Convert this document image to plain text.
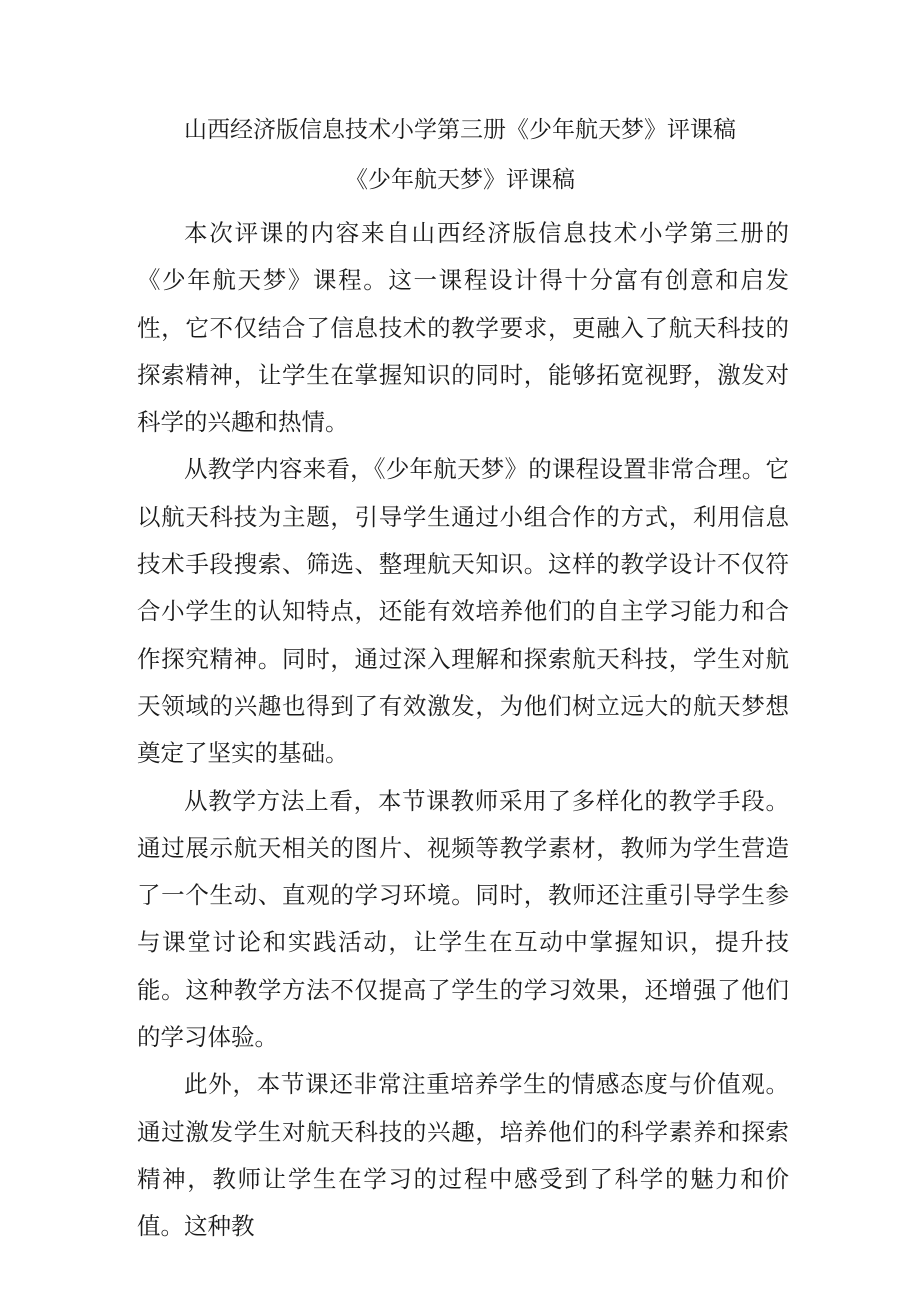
山西经济版信息技术小学第三册《少年航天梦》评课稿
《少年航天梦》评课稿

本次评课的内容来自山西经济版信息技术小学第三册的《少年航天梦》课程。这一课程设计得十分富有创意和启发性，它不仅结合了信息技术的教学要求，更融入了航天科技的探索精神，让学生在掌握知识的同时，能够拓宽视野，激发对科学的兴趣和热情。

从教学内容来看，《少年航天梦》的课程设置非常合理。它以航天科技为主题，引导学生通过小组合作的方式，利用信息技术手段搜索、筛选、整理航天知识。这样的教学设计不仅符合小学生的认知特点，还能有效培养他们的自主学习能力和合作探究精神。同时，通过深入理解和探索航天科技，学生对航天领域的兴趣也得到了有效激发，为他们树立远大的航天梦想奠定了坚实的基础。

从教学方法上看，本节课教师采用了多样化的教学手段。通过展示航天相关的图片、视频等教学素材，教师为学生营造了一个生动、直观的学习环境。同时，教师还注重引导学生参与课堂讨论和实践活动，让学生在互动中掌握知识，提升技能。这种教学方法不仅提高了学生的学习效果，还增强了他们的学习体验。

此外，本节课还非常注重培养学生的情感态度与价值观。通过激发学生对航天科技的兴趣，培养他们的科学素养和探索精神，教师让学生在学习的过程中感受到了科学的魅力和价值。这种教
